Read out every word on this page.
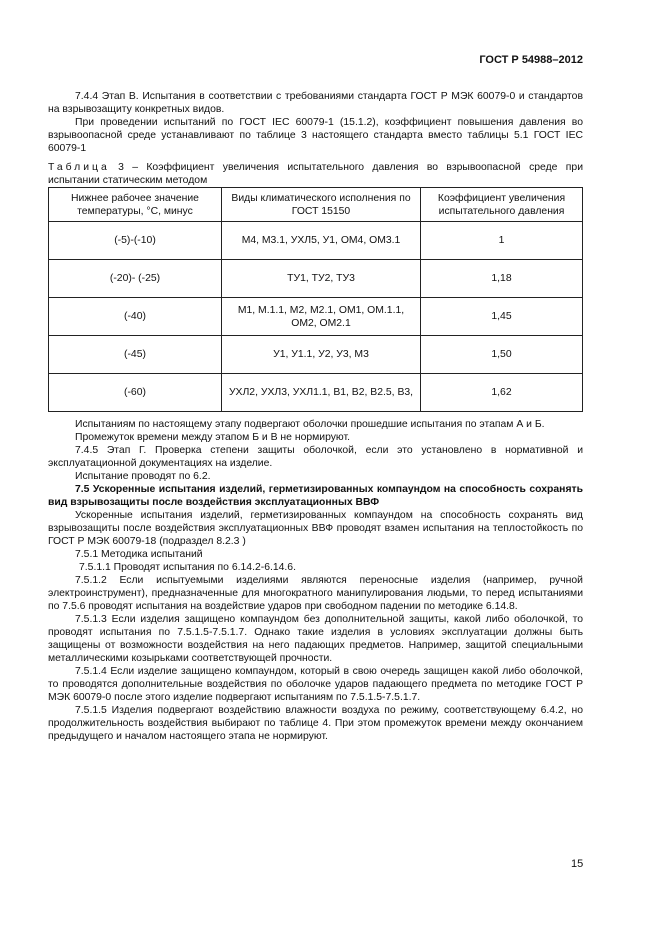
ГОСТ Р 54988–2012

7.4.4 Этап В. Испытания в соответствии с требованиями стандарта ГОСТ Р МЭК 60079-0 и стандартов на взрывозащиту конкретных видов.

При проведении испытаний по ГОСТ IEC 60079-1 (15.1.2), коэффициент повышения давления во взрывоопасной среде устанавливают по таблице 3 настоящего стандарта вместо таблицы 5.1 ГОСТ IEC 60079-1

Таблица 3 – Коэффициент увеличения испытательного давления во взрывоопасной среде при испытании статическим методом

Нижнее рабочее значение температуры, °С, минус	Виды климатического исполнения по ГОСТ 15150	Коэффициент увеличения испытательного давления
(-5)-(-10)	М4, М3.1, УХЛ5, У1, ОМ4, ОМ3.1	1
(-20)- (-25)	ТУ1, ТУ2, ТУ3	1,18
(-40)	М1, М.1.1, М2, М2.1, ОМ1, ОМ.1.1, ОМ2, ОМ2.1	1,45
(-45)	У1, У1.1, У2, У3, М3	1,50
(-60)	УХЛ2, УХЛ3, УХЛ1.1, В1, В2, В2.5, В3,	1,62

Испытаниям по настоящему этапу подвергают оболочки прошедшие испытания по этапам А и Б.

Промежуток времени между этапом Б и В не нормируют.

7.4.5 Этап Г. Проверка степени защиты оболочкой, если это установлено в нормативной и эксплуатационной документациях на изделие.

Испытание проводят по 6.2.

7.5 Ускоренные испытания изделий, герметизированных компаундом на способность сохранять вид взрывозащиты после воздействия эксплуатационных ВВФ

Ускоренные испытания изделий, герметизированных компаундом на способность сохранять вид взрывозащиты после воздействия эксплуатационных ВВФ проводят взамен испытания на теплостойкость по ГОСТ Р МЭК 60079-18 (подраздел 8.2.3 )

7.5.1 Методика испытаний

7.5.1.1 Проводят испытания по 6.14.2-6.14.6.

7.5.1.2 Если испытуемыми изделиями являются переносные изделия (например, ручной электроинструмент), предназначенные для многократного манипулирования людьми, то перед испытаниями по 7.5.6 проводят испытания на воздействие ударов при свободном падении по методике 6.14.8.

7.5.1.3 Если изделия защищено компаундом без дополнительной защиты, какой либо оболочкой, то проводят испытания по 7.5.1.5-7.5.1.7. Однако такие изделия в условиях эксплуатации должны быть защищены от возможности воздействия на него падающих предметов. Например, защитой специальными металлическими козырьками соответствующей прочности.

7.5.1.4 Если изделие защищено компаундом, который в свою очередь защищен какой либо оболочкой, то проводятся дополнительные воздействия по оболочке ударов падающего предмета по методике ГОСТ Р МЭК 60079-0 после этого изделие подвергают испытаниям по 7.5.1.5-7.5.1.7.

7.5.1.5 Изделия подвергают воздействию влажности воздуха по режиму, соответствующему 6.4.2, но продолжительность воздействия выбирают по таблице 4. При этом промежуток времени между окончанием предыдущего и началом настоящего этапа не нормируют.

15
